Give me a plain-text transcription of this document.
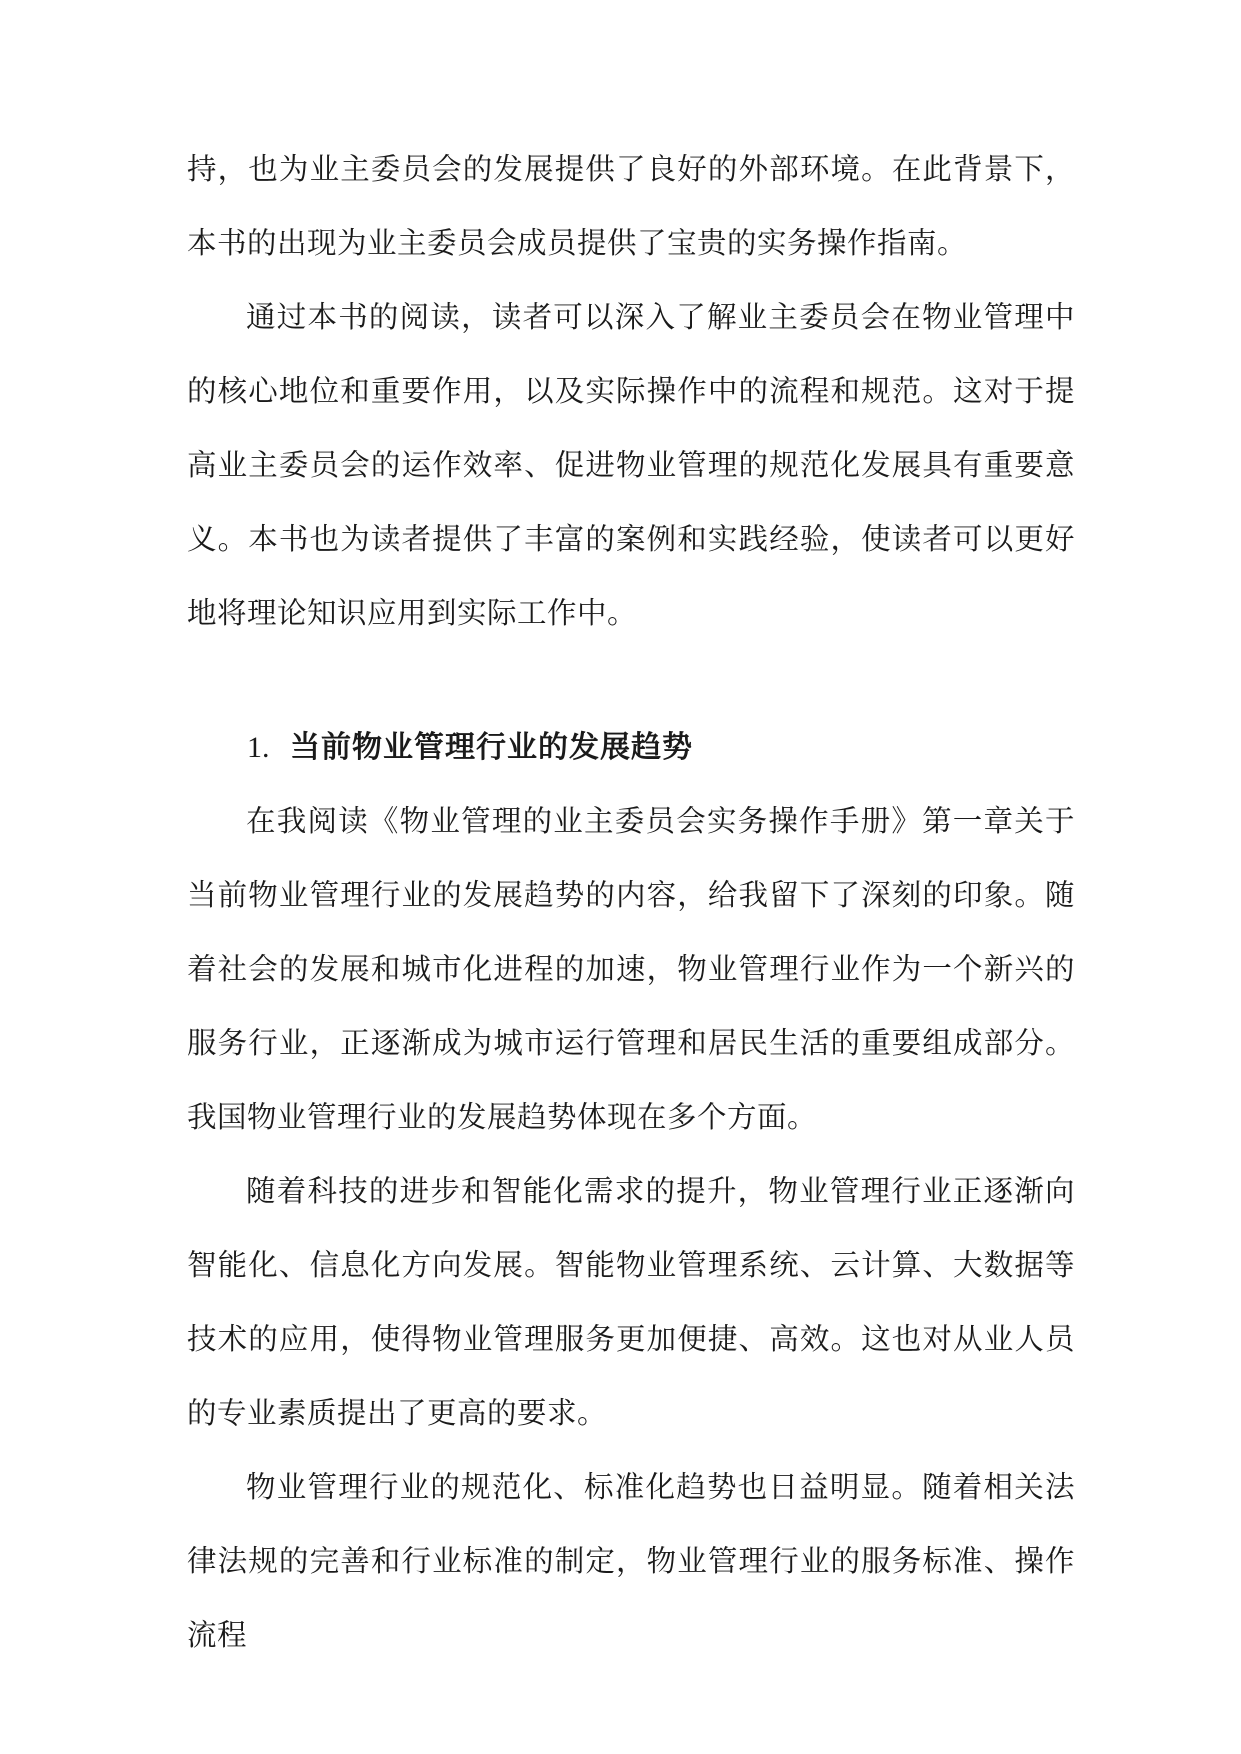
持，也为业主委员会的发展提供了良好的外部环境。在此背景下，本书的出现为业主委员会成员提供了宝贵的实务操作指南。

通过本书的阅读，读者可以深入了解业主委员会在物业管理中的核心地位和重要作用，以及实际操作中的流程和规范。这对于提高业主委员会的运作效率、促进物业管理的规范化发展具有重要意义。本书也为读者提供了丰富的案例和实践经验，使读者可以更好地将理论知识应用到实际工作中。

1. 当前物业管理行业的发展趋势

在我阅读《物业管理的业主委员会实务操作手册》第一章关于当前物业管理行业的发展趋势的内容，给我留下了深刻的印象。随着社会的发展和城市化进程的加速，物业管理行业作为一个新兴的服务行业，正逐渐成为城市运行管理和居民生活的重要组成部分。我国物业管理行业的发展趋势体现在多个方面。

随着科技的进步和智能化需求的提升，物业管理行业正逐渐向智能化、信息化方向发展。智能物业管理系统、云计算、大数据等技术的应用，使得物业管理服务更加便捷、高效。这也对从业人员的专业素质提出了更高的要求。

物业管理行业的规范化、标准化趋势也日益明显。随着相关法律法规的完善和行业标准的制定，物业管理行业的服务标准、操作流程
